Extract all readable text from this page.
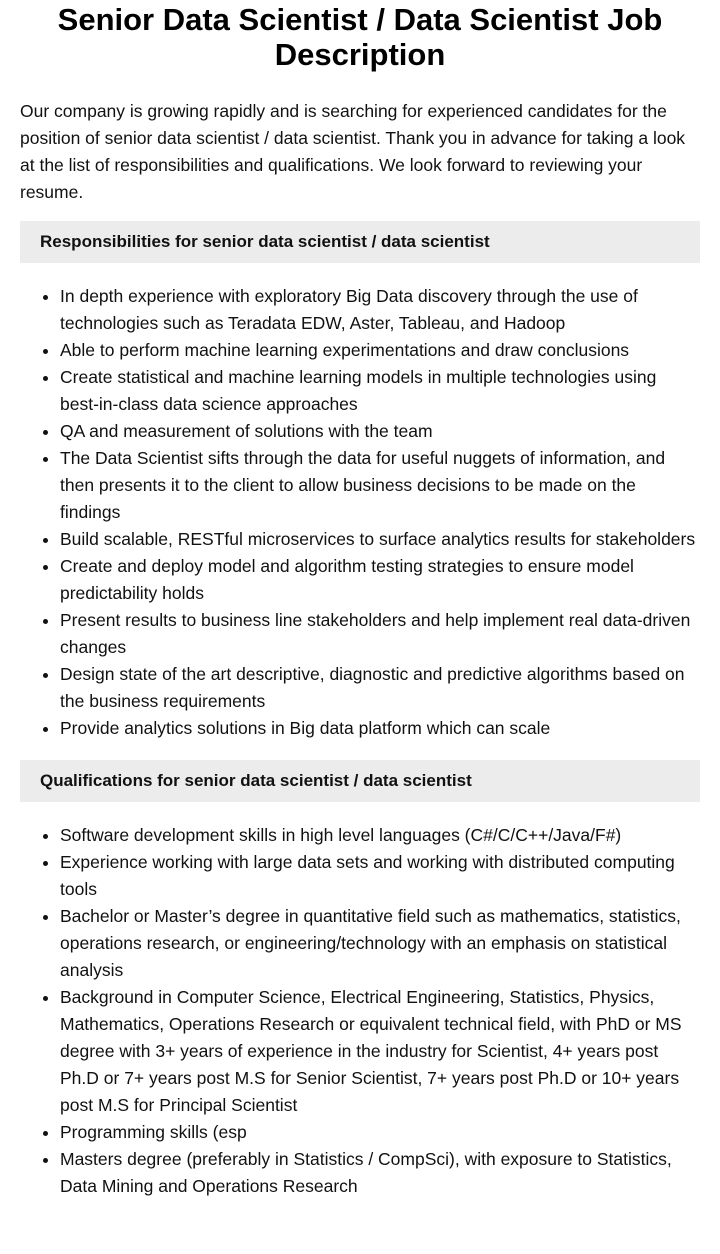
Senior Data Scientist / Data Scientist Job Description

Our company is growing rapidly and is searching for experienced candidates for the position of senior data scientist / data scientist. Thank you in advance for taking a look at the list of responsibilities and qualifications. We look forward to reviewing your resume.

Responsibilities for senior data scientist / data scientist
• In depth experience with exploratory Big Data discovery through the use of technologies such as Teradata EDW, Aster, Tableau, and Hadoop
• Able to perform machine learning experimentations and draw conclusions
• Create statistical and machine learning models in multiple technologies using best-in-class data science approaches
• QA and measurement of solutions with the team
• The Data Scientist sifts through the data for useful nuggets of information, and then presents it to the client to allow business decisions to be made on the findings
• Build scalable, RESTful microservices to surface analytics results for stakeholders
• Create and deploy model and algorithm testing strategies to ensure model predictability holds
• Present results to business line stakeholders and help implement real data-driven changes
• Design state of the art descriptive, diagnostic and predictive algorithms based on the business requirements
• Provide analytics solutions in Big data platform which can scale
Qualifications for senior data scientist / data scientist
• Software development skills in high level languages (C#/C/C++/Java/F#)
• Experience working with large data sets and working with distributed computing tools
• Bachelor or Master’s degree in quantitative field such as mathematics, statistics, operations research, or engineering/technology with an emphasis on statistical analysis
• Background in Computer Science, Electrical Engineering, Statistics, Physics, Mathematics, Operations Research or equivalent technical field, with PhD or MS degree with 3+ years of experience in the industry for Scientist, 4+ years post Ph.D or 7+ years post M.S for Senior Scientist, 7+ years post Ph.D or 10+ years post M.S for Principal Scientist
• Programming skills (esp
• Masters degree (preferably in Statistics / CompSci), with exposure to Statistics, Data Mining and Operations Research
